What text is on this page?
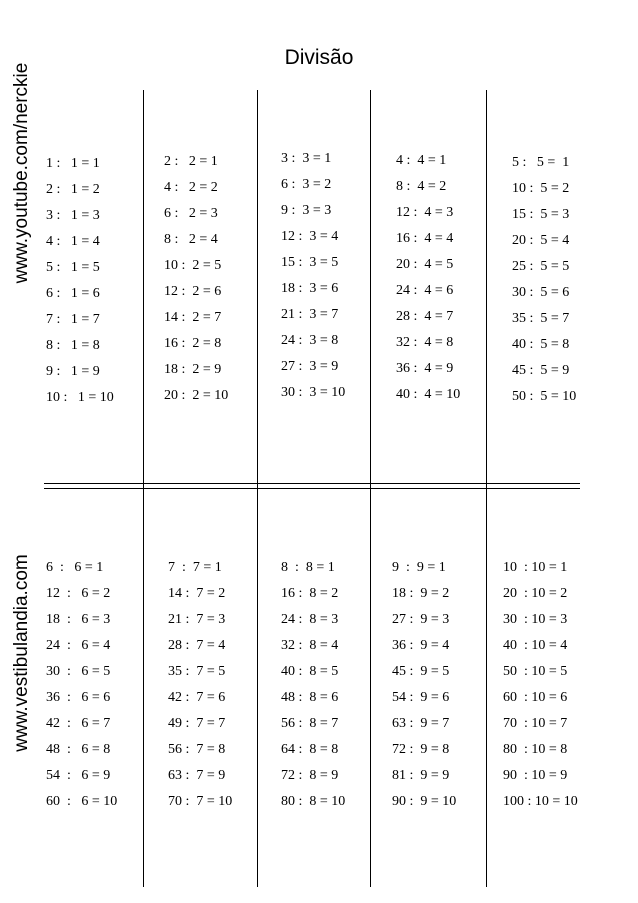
Divisão
www.youtube.com/nerckie
www.vestibulandia.com
1 :   1 = 1
2 :   1 = 2
3 :   1 = 3
4 :   1 = 4
5 :   1 = 5
6 :   1 = 6
7 :   1 = 7
8 :   1 = 8
9 :   1 = 9
10 :   1 = 10
2 :   2 = 1
4 :   2 = 2
6 :   2 = 3
8 :   2 = 4
10 :  2 = 5
12 :  2 = 6
14 :  2 = 7
16 :  2 = 8
18 :  2 = 9
20 :  2 = 10
3 :  3 = 1
6 :  3 = 2
9 :  3 = 3
12 :  3 = 4
15 :  3 = 5
18 :  3 = 6
21 :  3 = 7
24 :  3 = 8
27 :  3 = 9
30 :  3 = 10
4 :  4 = 1
8 :  4 = 2
12 :  4 = 3
16 :  4 = 4
20 :  4 = 5
24 :  4 = 6
28 :  4 = 7
32 :  4 = 8
36 :  4 = 9
40 :  4 = 10
5 :   5 =  1
10 :  5 = 2
15 :  5 = 3
20 :  5 = 4
25 :  5 = 5
30 :  5 = 6
35 :  5 = 7
40 :  5 = 8
45 :  5 = 9
50 :  5 = 10
6  :   6 = 1
12  :   6 = 2
18  :   6 = 3
24  :   6 = 4
30  :   6 = 5
36  :   6 = 6
42  :   6 = 7
48  :   6 = 8
54  :   6 = 9
60  :   6 = 10
7  :  7 = 1
14 :  7 = 2
21 :  7 = 3
28 :  7 = 4
35 :  7 = 5
42 :  7 = 6
49 :  7 = 7
56 :  7 = 8
63 :  7 = 9
70 :  7 = 10
8  :  8 = 1
16 :  8 = 2
24 :  8 = 3
32 :  8 = 4
40 :  8 = 5
48 :  8 = 6
56 :  8 = 7
64 :  8 = 8
72 :  8 = 9
80 :  8 = 10
9  :  9 = 1
18 :  9 = 2
27 :  9 = 3
36 :  9 = 4
45 :  9 = 5
54 :  9 = 6
63 :  9 = 7
72 :  9 = 8
81 :  9 = 9
90 :  9 = 10
10  : 10 = 1
20  : 10 = 2
30  : 10 = 3
40  : 10 = 4
50  : 10 = 5
60  : 10 = 6
70  : 10 = 7
80  : 10 = 8
90  : 10 = 9
100 : 10 = 10
